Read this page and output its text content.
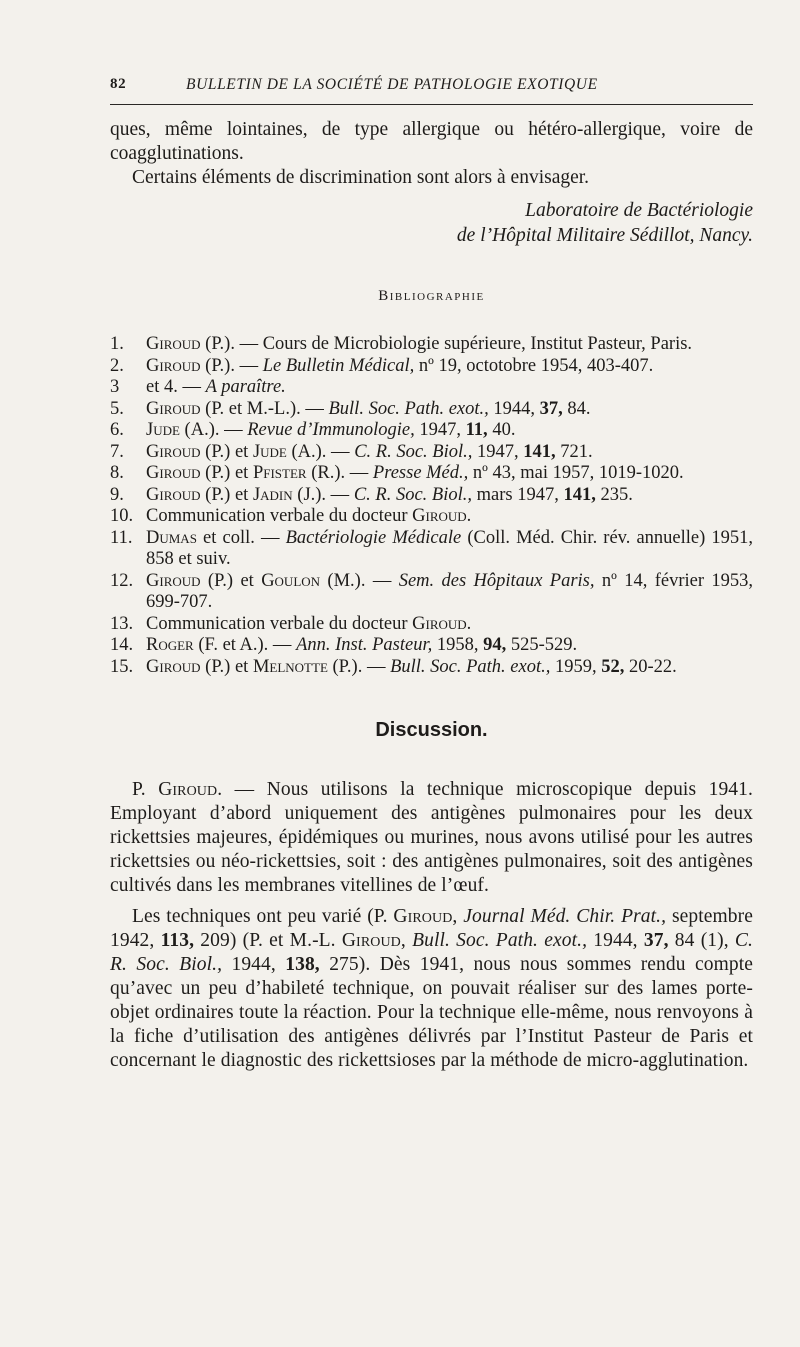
82	BULLETIN DE LA SOCIÉTÉ DE PATHOLOGIE EXOTIQUE

ques, même lointaines, de type allergique ou hétéro-allergique, voire de coagglutinations.

Certains éléments de discrimination sont alors à envisager.

Laboratoire de Bactériologie
de l’Hôpital Militaire Sédillot, Nancy.
Bibliographie
1. Giroud (P.). — Cours de Microbiologie supérieure, Institut Pasteur, Paris.
2. Giroud (P.). — Le Bulletin Médical, nº 19, octotobre 1954, 403-407.
3 et 4. — A paraître.
5. Giroud (P. et M.-L.). — Bull. Soc. Path. exot., 1944, 37, 84.
6. Jude (A.). — Revue d’Immunologie, 1947, 11, 40.
7. Giroud (P.) et Jude (A.). — C. R. Soc. Biol., 1947, 141, 721.
8. Giroud (P.) et Pfister (R.). — Presse Méd., nº 43, mai 1957, 1019-1020.
9. Giroud (P.) et Jadin (J.). — C. R. Soc. Biol., mars 1947, 141, 235.
10. Communication verbale du docteur Giroud.
11. Dumas et coll. — Bactériologie Médicale (Coll. Méd. Chir. rév. annuelle) 1951, 858 et suiv.
12. Giroud (P.) et Goulon (M.). — Sem. des Hôpitaux Paris, nº 14, février 1953, 699-707.
13. Communication verbale du docteur Giroud.
14. Roger (F. et A.). — Ann. Inst. Pasteur, 1958, 94, 525-529.
15. Giroud (P.) et Melnotte (P.). — Bull. Soc. Path. exot., 1959, 52, 20-22.
Discussion.

P. Giroud. — Nous utilisons la technique microscopique depuis 1941. Employant d’abord uniquement des antigènes pulmonaires pour les deux rickettsies majeures, épidémiques ou murines, nous avons utilisé pour les autres rickettsies ou néo-rickettsies, soit : des antigènes pulmonaires, soit des antigènes cultivés dans les membranes vitellines de l’œuf.

Les techniques ont peu varié (P. Giroud, Journal Méd. Chir. Prat., septembre 1942, 113, 209) (P. et M.-L. Giroud, Bull. Soc. Path. exot., 1944, 37, 84 (1), C. R. Soc. Biol., 1944, 138, 275). Dès 1941, nous nous sommes rendu compte qu’avec un peu d’habileté technique, on pouvait réaliser sur des lames porte-objet ordinaires toute la réaction. Pour la technique elle-même, nous renvoyons à la fiche d’utilisation des antigènes délivrés par l’Institut Pasteur de Paris et concernant le diagnostic des rickettsioses par la méthode de micro-agglutination.
